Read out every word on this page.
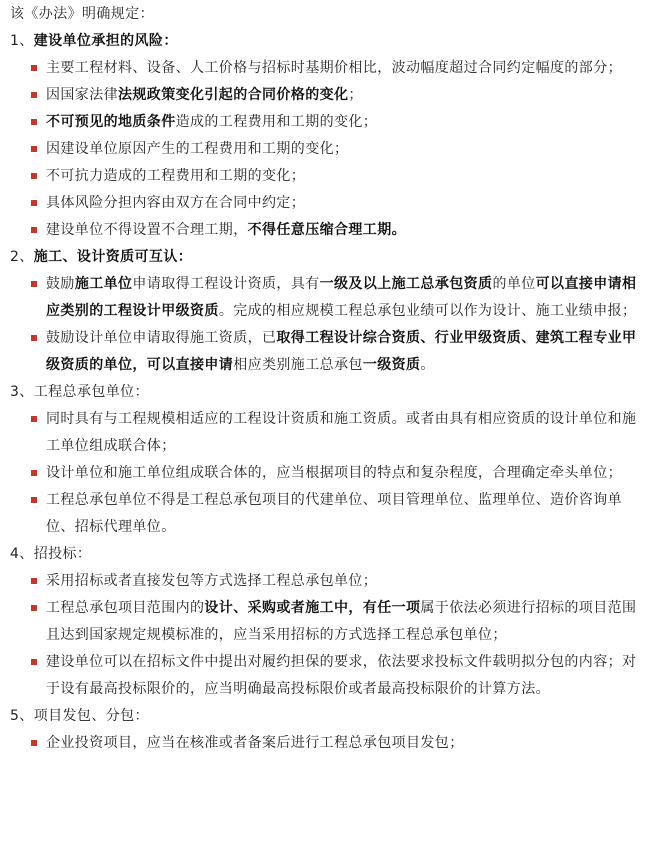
该《办法》明确规定：

1、建设单位承担的风险：

主要工程材料、设备、人工价格与招标时基期价相比，波动幅度超过合同约定幅度的部分；
因国家法律法规政策变化引起的合同价格的变化；
不可预见的地质条件造成的工程费用和工期的变化；
因建设单位原因产生的工程费用和工期的变化；
不可抗力造成的工程费用和工期的变化；
具体风险分担内容由双方在合同中约定；
建设单位不得设置不合理工期，不得任意压缩合理工期。

2、施工、设计资质可互认：

鼓励施工单位申请取得工程设计资质，具有一级及以上施工总承包资质的单位可以直接申请相应类别的工程设计甲级资质。完成的相应规模工程总承包业绩可以作为设计、施工业绩申报；
鼓励设计单位申请取得施工资质，已取得工程设计综合资质、行业甲级资质、建筑工程专业甲级资质的单位，可以直接申请相应类别施工总承包一级资质。

3、工程总承包单位：

同时具有与工程规模相适应的工程设计资质和施工资质。或者由具有相应资质的设计单位和施工单位组成联合体；
设计单位和施工单位组成联合体的，应当根据项目的特点和复杂程度，合理确定牵头单位；
工程总承包单位不得是工程总承包项目的代建单位、项目管理单位、监理单位、造价咨询单位、招标代理单位。

4、招投标：

采用招标或者直接发包等方式选择工程总承包单位；
工程总承包项目范围内的设计、采购或者施工中，有任一项属于依法必须进行招标的项目范围且达到国家规定规模标准的，应当采用招标的方式选择工程总承包单位；
建设单位可以在招标文件中提出对履约担保的要求，依法要求投标文件载明拟分包的内容；对于设有最高投标限价的，应当明确最高投标限价或者最高投标限价的计算方法。

5、项目发包、分包：

企业投资项目，应当在核准或者备案后进行工程总承包项目发包；
